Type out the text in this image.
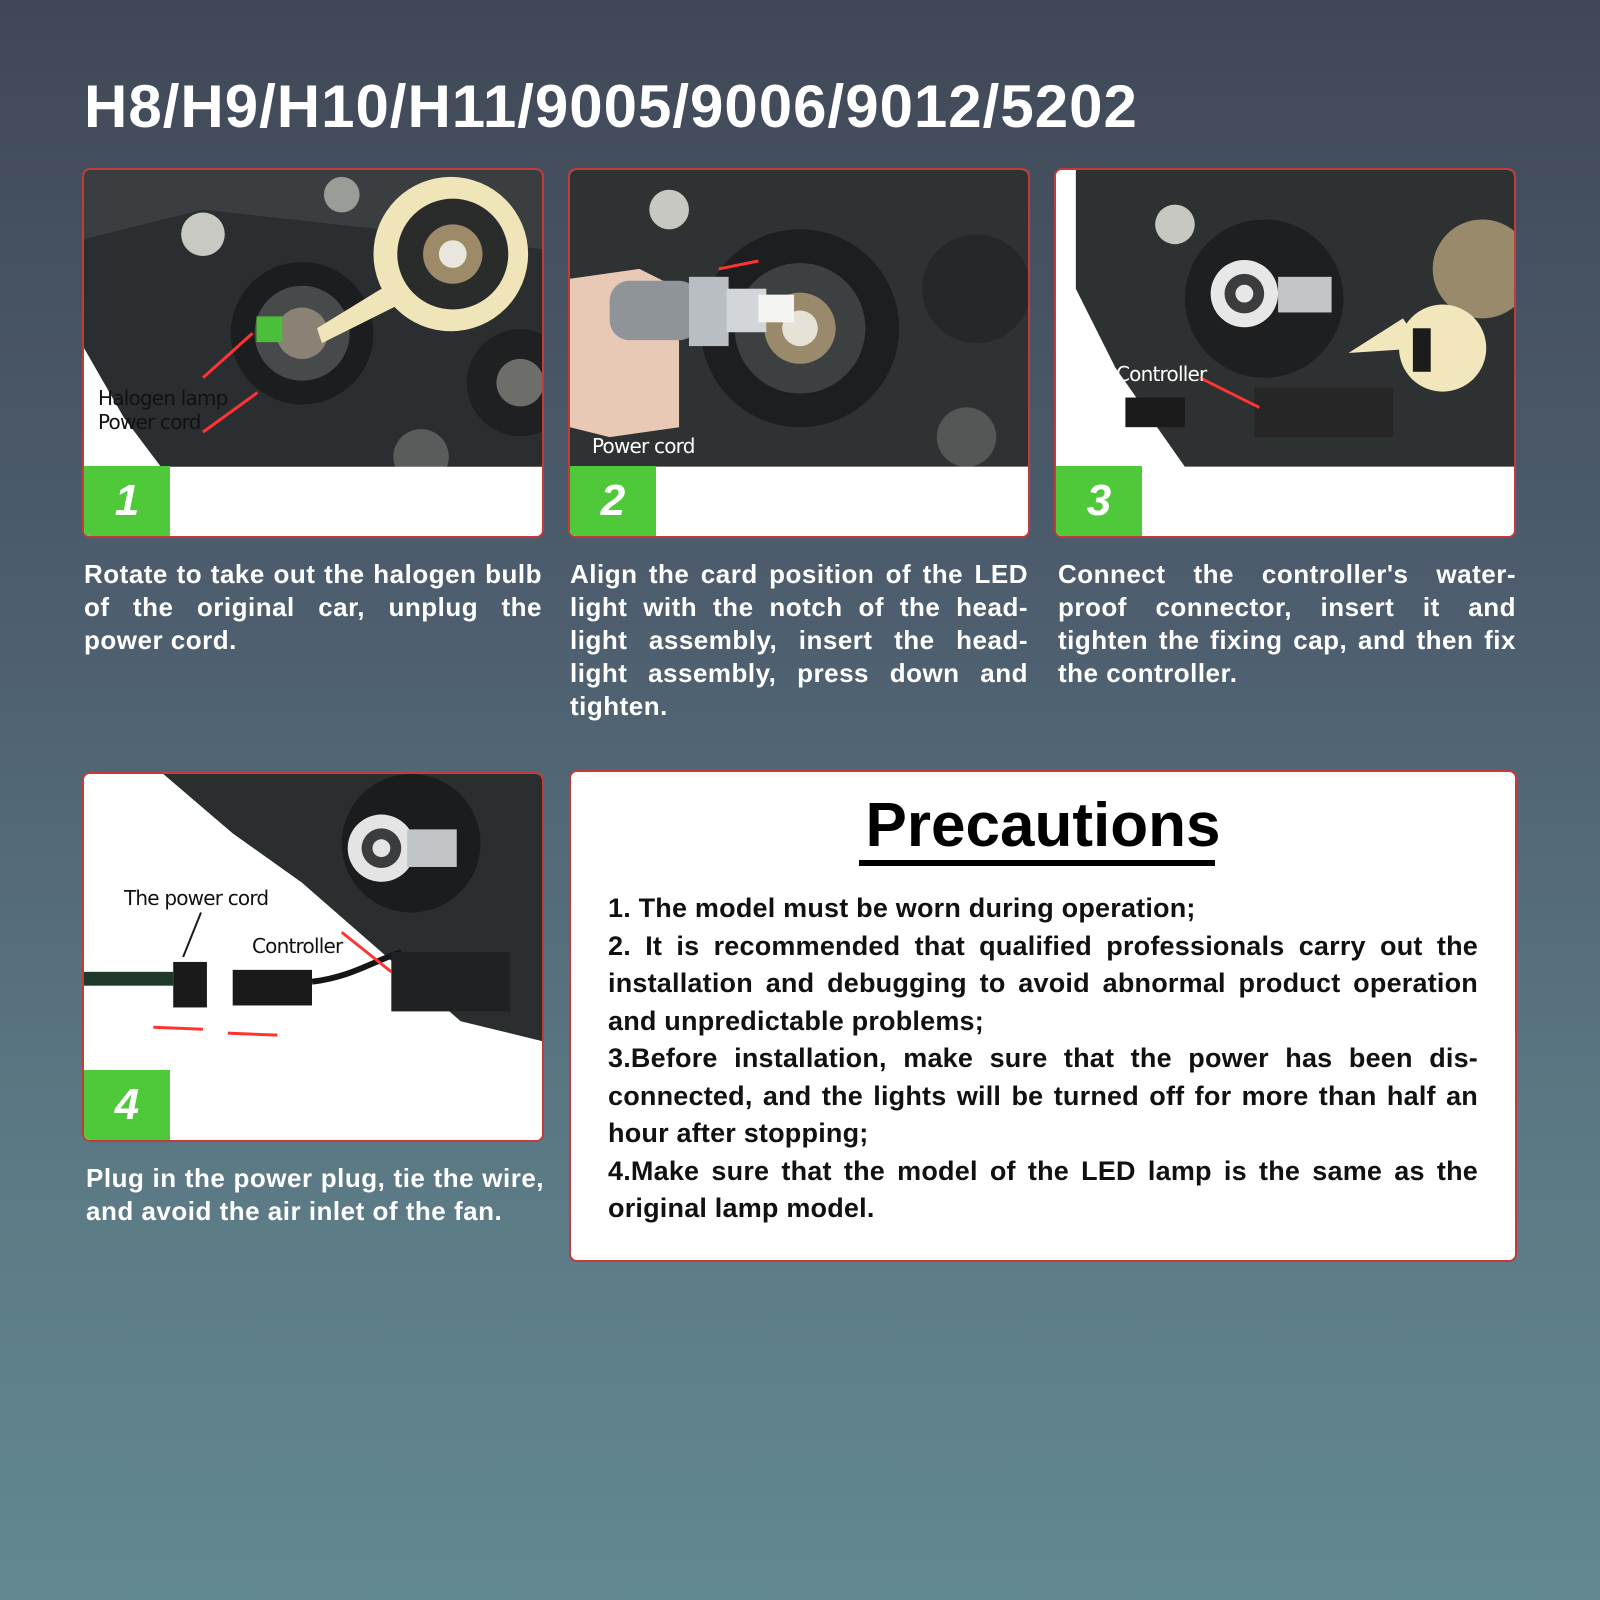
H8/H9/H10/H11/9005/9006/9012/5202
Halogen lamp
Power cord
1
Rotate to take out the halogen bulb of the original car, unplug the power cord.
Power cord
2
Align the card position of the LED light with the notch of the head-light assembly, insert the head-light assembly, press down and tighten.
Controller
3
Connect the controller's water-proof connector, insert it and tighten the fixing cap, and then fix the controller.
The power cord
Controller
4
Plug in the power plug, tie the wire, and avoid the air inlet of the fan.
Precautions
1. The model must be worn during operation;
2. It is recommended that qualified professionals carry out the installation and debugging to avoid abnormal product operation and unpredictable problems;
3.Before installation, make sure that the power has been dis-connected, and the lights will be turned off for more than half an hour after stopping;
4.Make sure that the model of the LED lamp is the same as the original lamp model.
